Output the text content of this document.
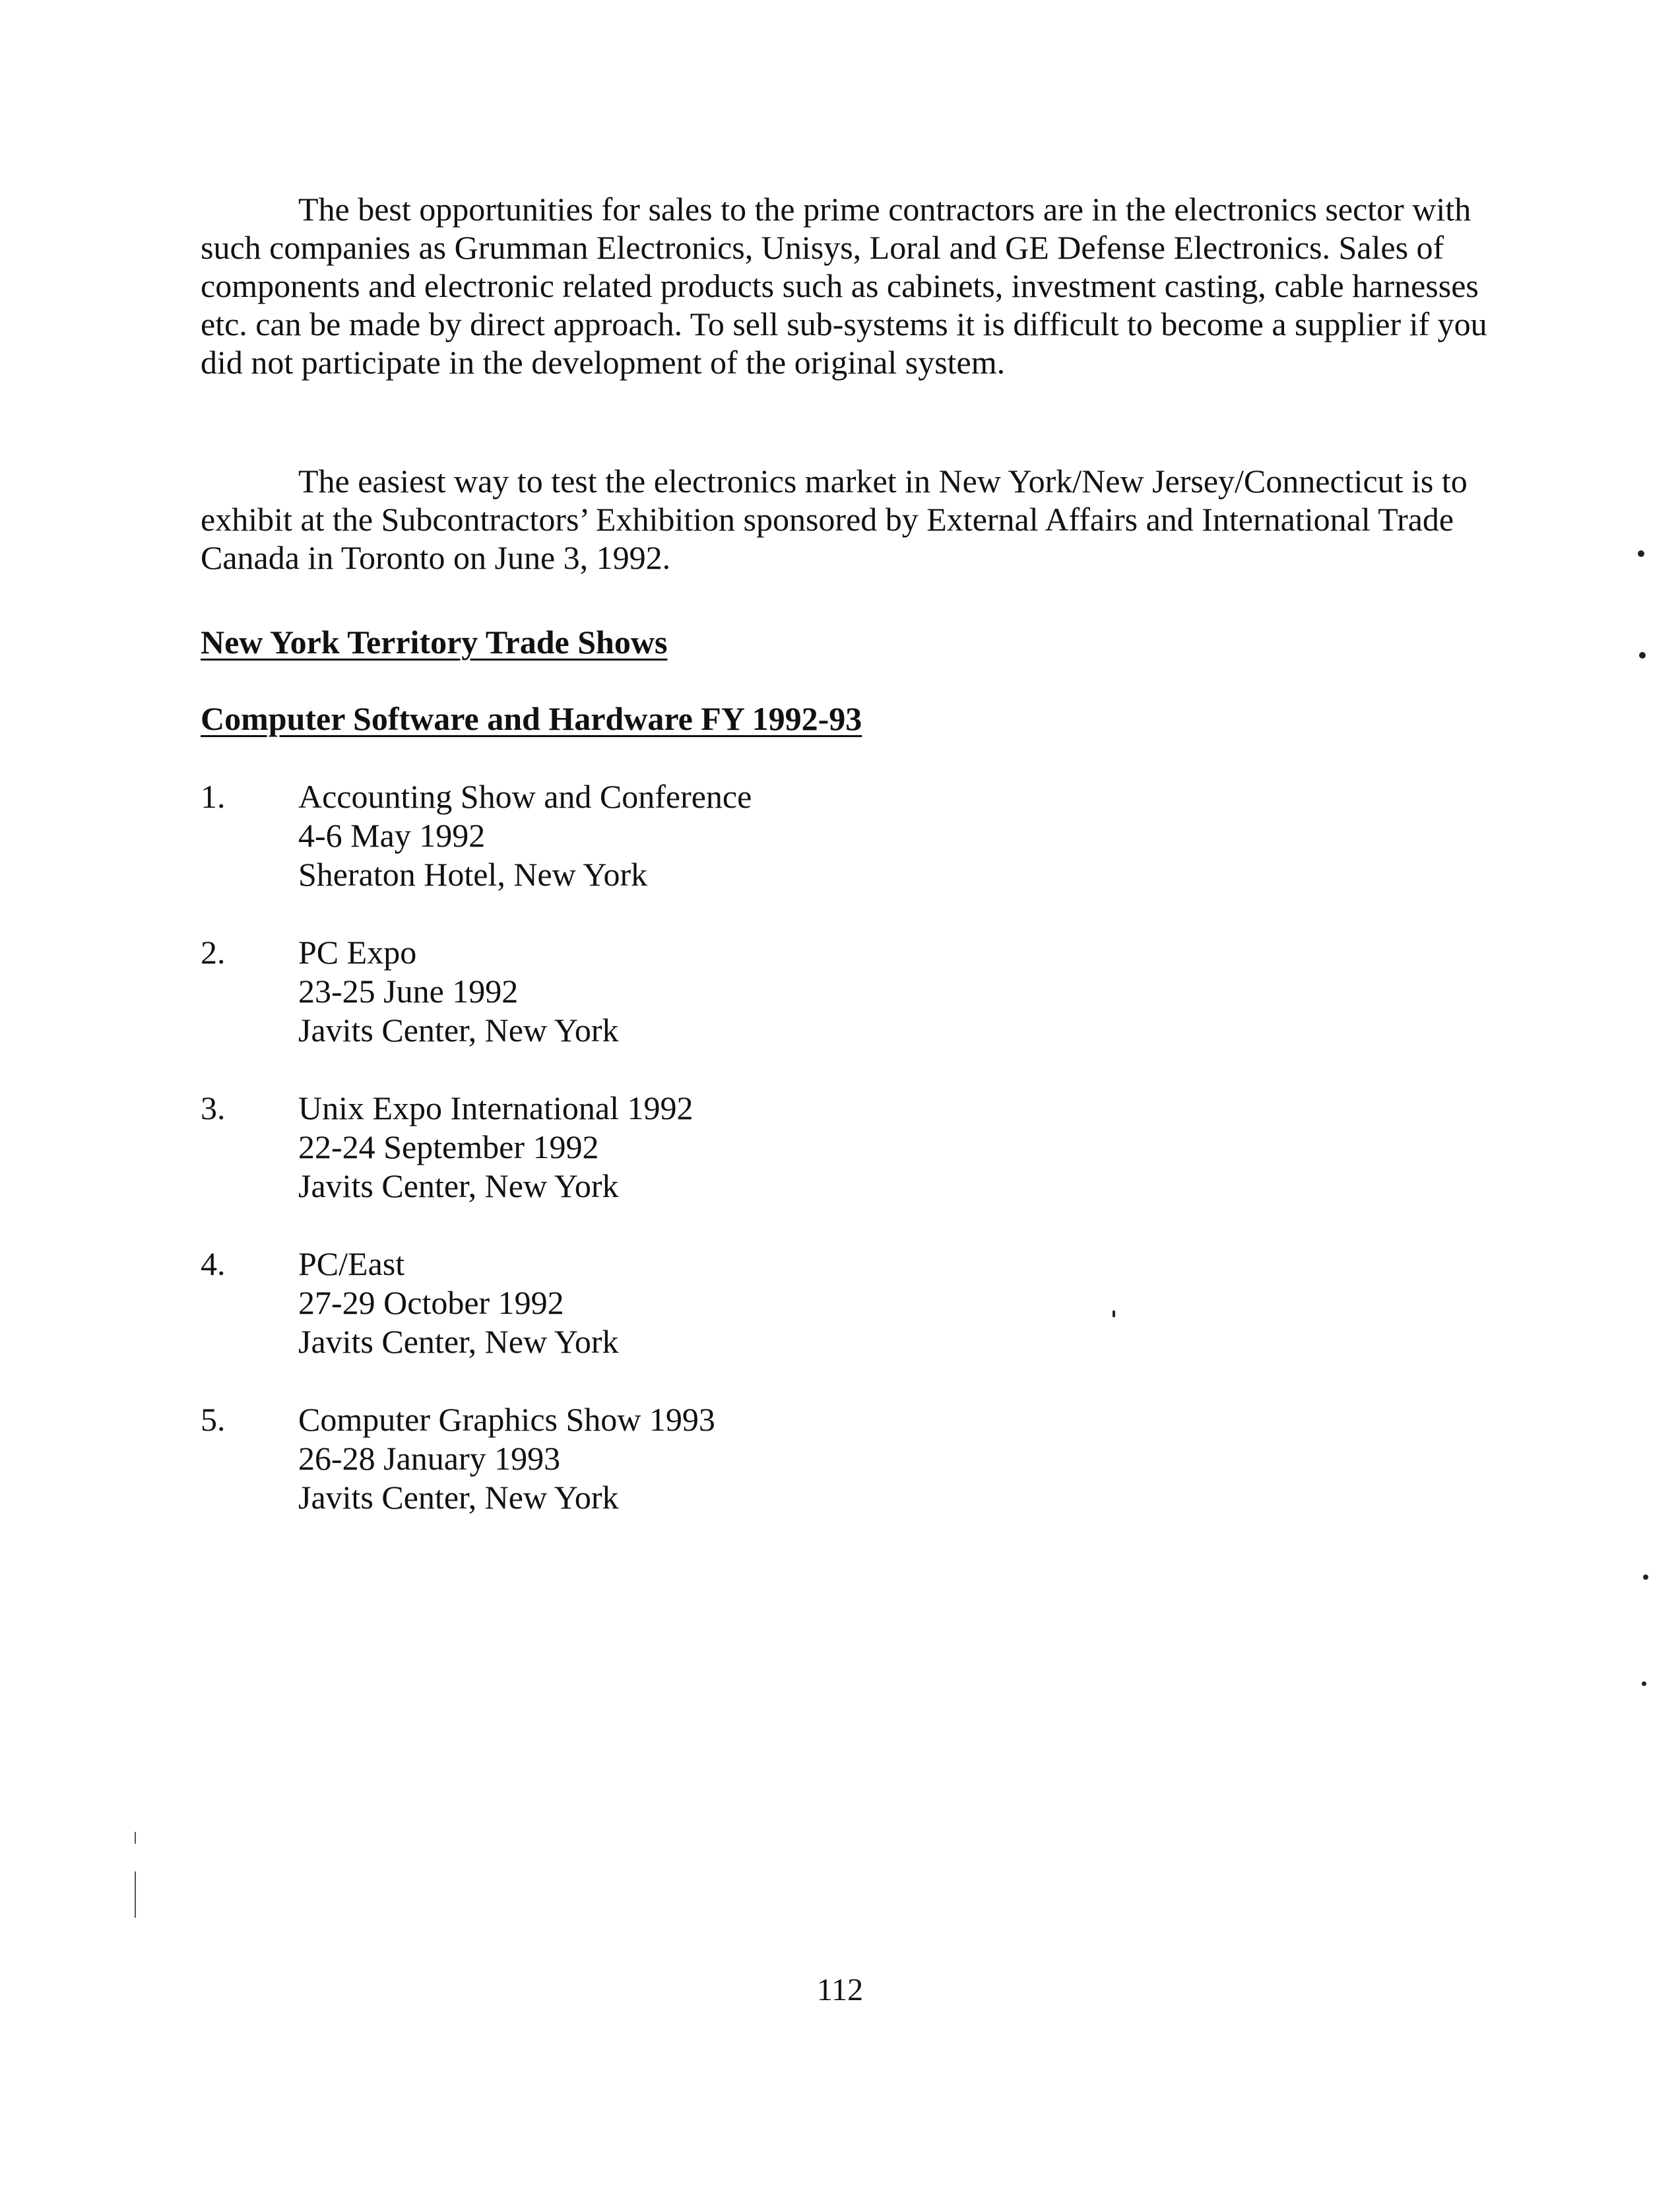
The best opportunities for sales to the prime contractors are in the electronics sector with such companies as Grumman Electronics, Unisys, Loral and GE Defense Electronics. Sales of components and electronic related products such as cabinets, investment casting, cable harnesses etc. can be made by direct approach. To sell sub-systems it is difficult to become a supplier if you did not participate in the development of the original system.

The easiest way to test the electronics market in New York/New Jersey/Connecticut is to exhibit at the Subcontractors’ Exhibition sponsored by External Affairs and International Trade Canada in Toronto on June 3, 1992.

New York Territory Trade Shows

Computer Software and Hardware FY 1992-93

1. Accounting Show and Conference
4-6 May 1992
Sheraton Hotel, New York
2. PC Expo
23-25 June 1992
Javits Center, New York
3. Unix Expo International 1992
22-24 September 1992
Javits Center, New York
4. PC/East
27-29 October 1992
Javits Center, New York
5. Computer Graphics Show 1993
26-28 January 1993
Javits Center, New York

112
